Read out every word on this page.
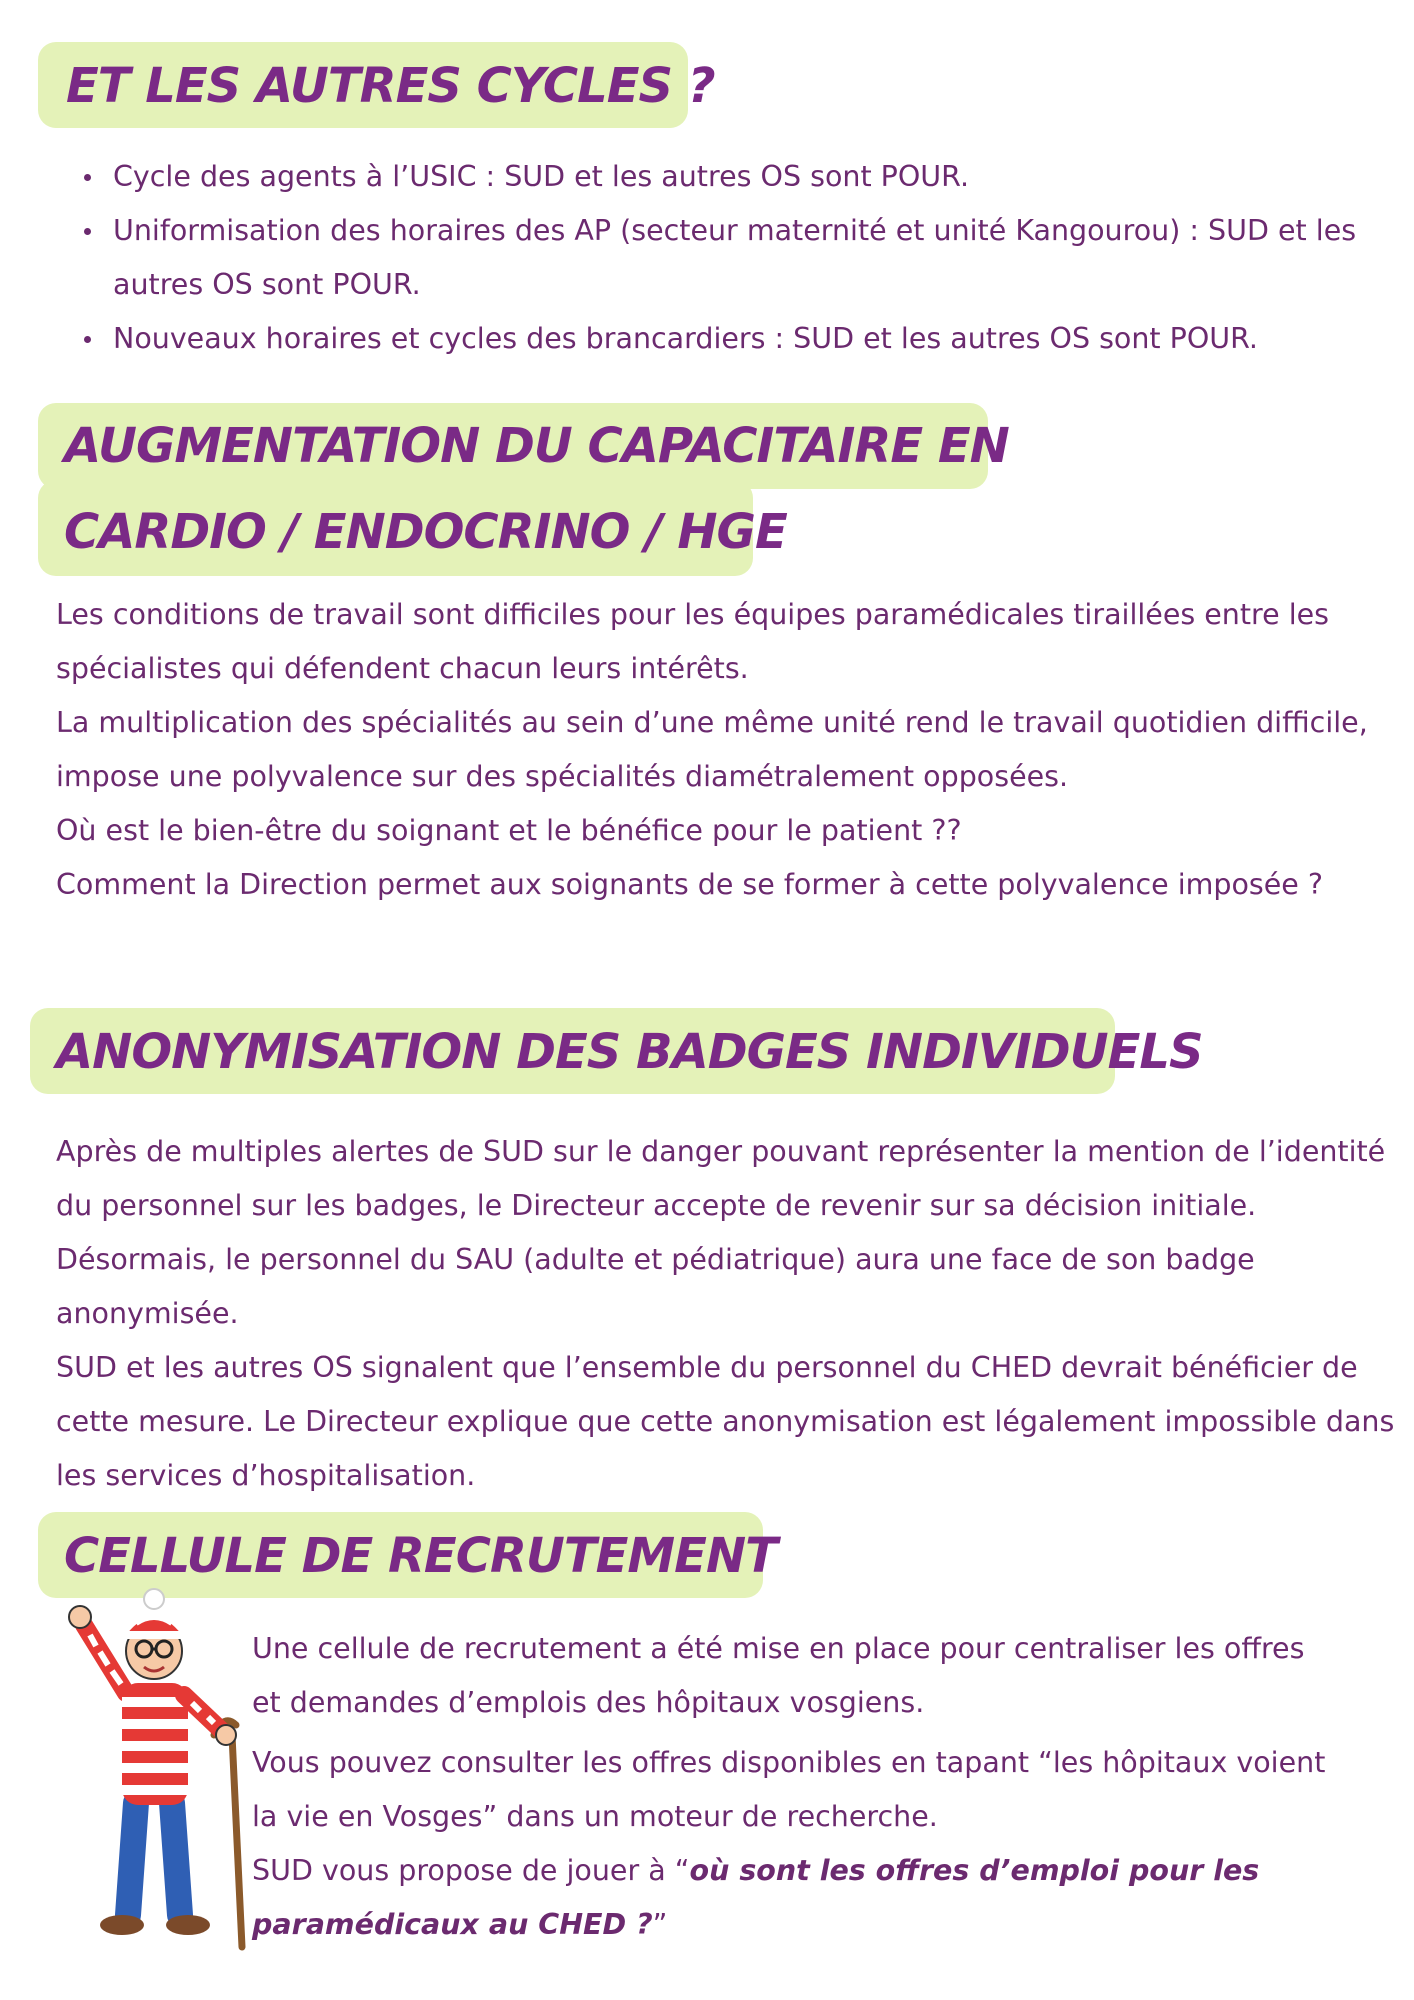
ET LES AUTRES CYCLES ?
Cycle des agents à l’USIC : SUD et les autres OS sont POUR.
Uniformisation des horaires des AP (secteur maternité et unité Kangourou) : SUD et les autres OS sont POUR.
Nouveaux horaires et cycles des brancardiers : SUD et les autres OS sont POUR.
AUGMENTATION DU CAPACITAIRE EN
CARDIO / ENDOCRINO / HGE

Les conditions de travail sont difficiles pour les équipes paramédicales tiraillées entre les spécialistes qui défendent chacun leurs intérêts.

La multiplication des spécialités au sein d’une même unité rend le travail quotidien difficile, impose une polyvalence sur des spécialités diamétralement opposées.

Où est le bien-être du soignant et le bénéfice pour le patient ??

Comment la Direction permet aux soignants de se former à cette polyvalence imposée ?

ANONYMISATION DES BADGES INDIVIDUELS

Après de multiples alertes de SUD sur le danger pouvant représenter la mention de l’identité du personnel sur les badges, le Directeur accepte de revenir sur sa décision initiale. Désormais, le personnel du SAU (adulte et pédiatrique) aura une face de son badge anonymisée.

SUD et les autres OS signalent que l’ensemble du personnel du CHED devrait bénéficier de cette mesure. Le Directeur explique que cette anonymisation est légalement impossible dans les services d’hospitalisation.

CELLULE DE RECRUTEMENT

Une cellule de recrutement a été mise en place pour centraliser les offres et demandes d’emplois des hôpitaux vosgiens.

Vous pouvez consulter les offres disponibles en tapant “les hôpitaux voient la vie en Vosges” dans un moteur de recherche.

SUD vous propose de jouer à “où sont les offres d’emploi pour les paramédicaux au CHED ?”
